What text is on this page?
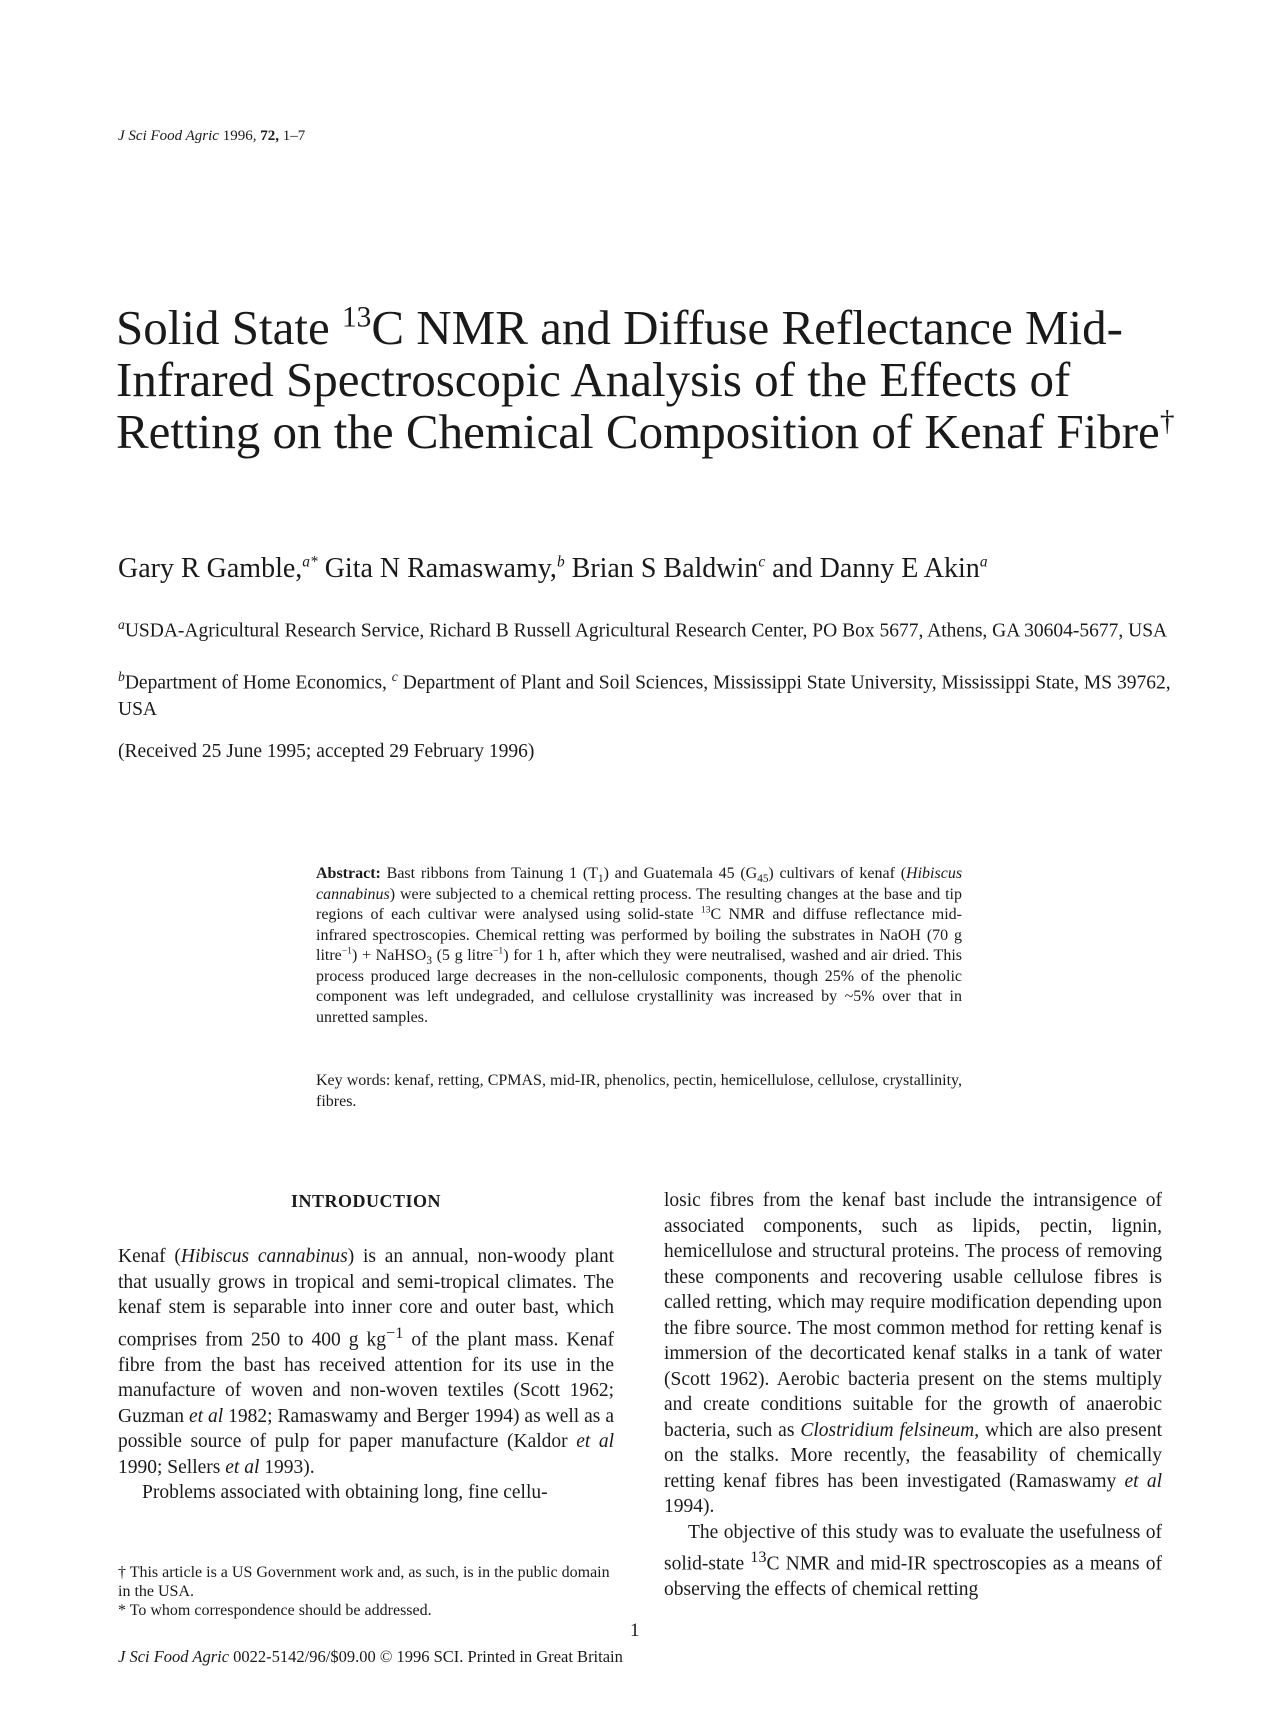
J Sci Food Agric 1996, 72, 1–7
Solid State $^{13}$C NMR and Diffuse Reflectance Mid-Infrared Spectroscopic Analysis of the Effects of Retting on the Chemical Composition of Kenaf Fibre†
Gary R Gamble,$^{a*}$ Gita N Ramaswamy,$^b$ Brian S Baldwin$^c$ and Danny E Akin$^a$
$^a$USDA-Agricultural Research Service, Richard B Russell Agricultural Research Center, PO Box 5677, Athens, GA 30604-5677, USA
$^b$Department of Home Economics, $^c$ Department of Plant and Soil Sciences, Mississippi State University, Mississippi State, MS 39762, USA
(Received 25 June 1995; accepted 29 February 1996)

Abstract: Bast ribbons from Tainung 1 $(T_1)$ and Guatemala 45 $(G_{45})$ cultivars of kenaf (Hibiscus cannabinus) were subjected to a chemical retting process. The resulting changes at the base and tip regions of each cultivar were analysed using solid-state $^{13}$C NMR and diffuse reflectance mid-infrared spectroscopies. Chemical retting was performed by boiling the substrates in NaOH (70 g litre$^{-1}$) + NaHSO$_3$ (5 g litre$^{-1}$) for 1 h, after which they were neutralised, washed and air dried. This process produced large decreases in the non-cellulosic components, though 25% of the phenolic component was left undegraded, and cellulose crystallinity was increased by ~5% over that in unretted samples.

Key words: kenaf, retting, CPMAS, mid-IR, phenolics, pectin, hemicellulose, cellulose, crystallinity, fibres.

INTRODUCTION

Kenaf (Hibiscus cannabinus) is an annual, non-woody plant that usually grows in tropical and semi-tropical climates. The kenaf stem is separable into inner core and outer bast, which comprises from 250 to 400 g $kg^{-1}$ of the plant mass. Kenaf fibre from the bast has received attention for its use in the manufacture of woven and non-woven textiles (Scott 1962; Guzman et al 1982; Ramaswamy and Berger 1994) as well as a possible source of pulp for paper manufacture (Kaldor et al 1990; Sellers et al 1993).

Problems associated with obtaining long, fine cellu-

losic fibres from the kenaf bast include the intransigence of associated components, such as lipids, pectin, lignin, hemicellulose and structural proteins. The process of removing these components and recovering usable cellulose fibres is called retting, which may require modification depending upon the fibre source. The most common method for retting kenaf is immersion of the decorticated kenaf stalks in a tank of water (Scott 1962). Aerobic bacteria present on the stems multiply and create conditions suitable for the growth of anaerobic bacteria, such as Clostridium felsineum, which are also present on the stalks. More recently, the feasability of chemically retting kenaf fibres has been investigated (Ramaswamy et al 1994).

The objective of this study was to evaluate the usefulness of solid-state $^{13}$C NMR and mid-IR spectroscopies as a means of observing the effects of chemical retting

† This article is a US Government work and, as such, is in the public domain in the USA.
* To whom correspondence should be addressed.
1
J Sci Food Agric 0022-5142/96/$09.00 © 1996 SCI. Printed in Great Britain
